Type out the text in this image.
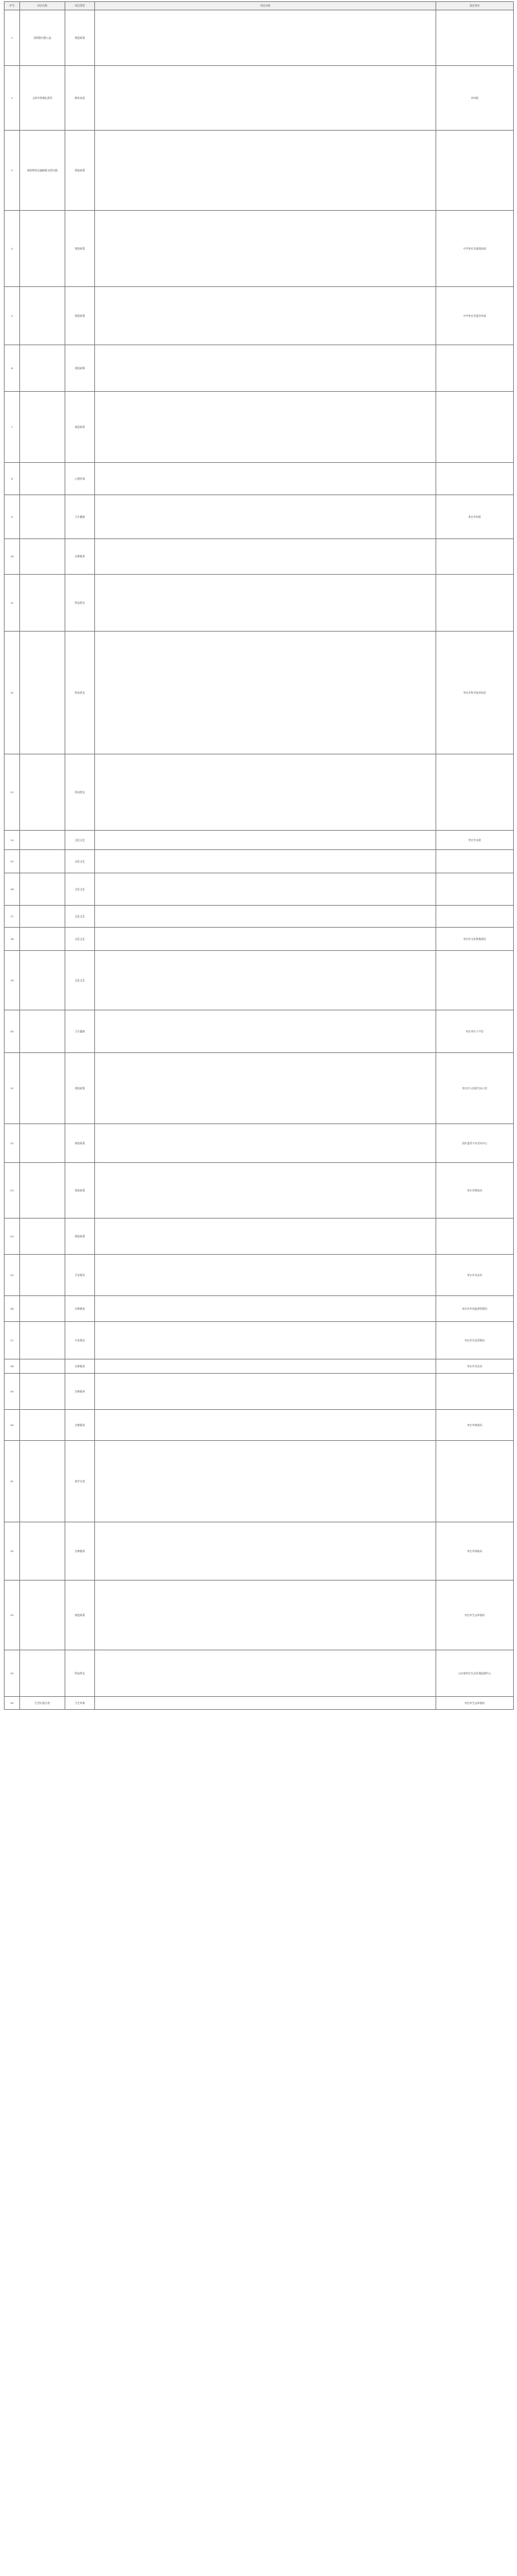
​
序号	项目名称	项目类型	项目内容	责任单位
1	清明祭扫暨公益	理论政策		
2	文明节俭婚礼倡导	移风易俗		市妇联
3	新时期党员编制新文明实践	理论政策		
4		理论政策		中共枣庄市委组织部
5		理论政策		中共枣庄市委宣传部
6		理论政策		
7		理论政策		
8		心理咨询		
9		卫生健康		枣庄市妇联
10		法律服务		
11		科技普及		
12		科技普及		枣庄市科学技术协会
13		科技普及		
14		文化文艺		枣庄市文联
15		文化文艺		
16		文化文艺		
17		文化文艺		
18		文化文艺		枣庄市文化和旅游局
19		文化文艺		
20		卫生健康		枣庄市红十字会
21		理论政策		枣庄市人民防空办公室
22		理论政策		团市委青少年活动中心
23		理论政策		枣庄市教育局
24		理论政策		
25		平安建设		枣庄市司法局
26		法律服务		枣庄市市场监督管理局
27		平安建设		枣庄市应急管理局
28		法律服务		枣庄市司法局
29		法律服务		
30		法律服务		枣庄市税务局
31		助学关爱		
32		法律服务		枣庄市财政局
33		理论政策		枣庄市生态环境局
34		科技普及		山东省枣庄生态环境监测中心
35	生活垃圾分类	卫生环保		枣庄市生态环境局
